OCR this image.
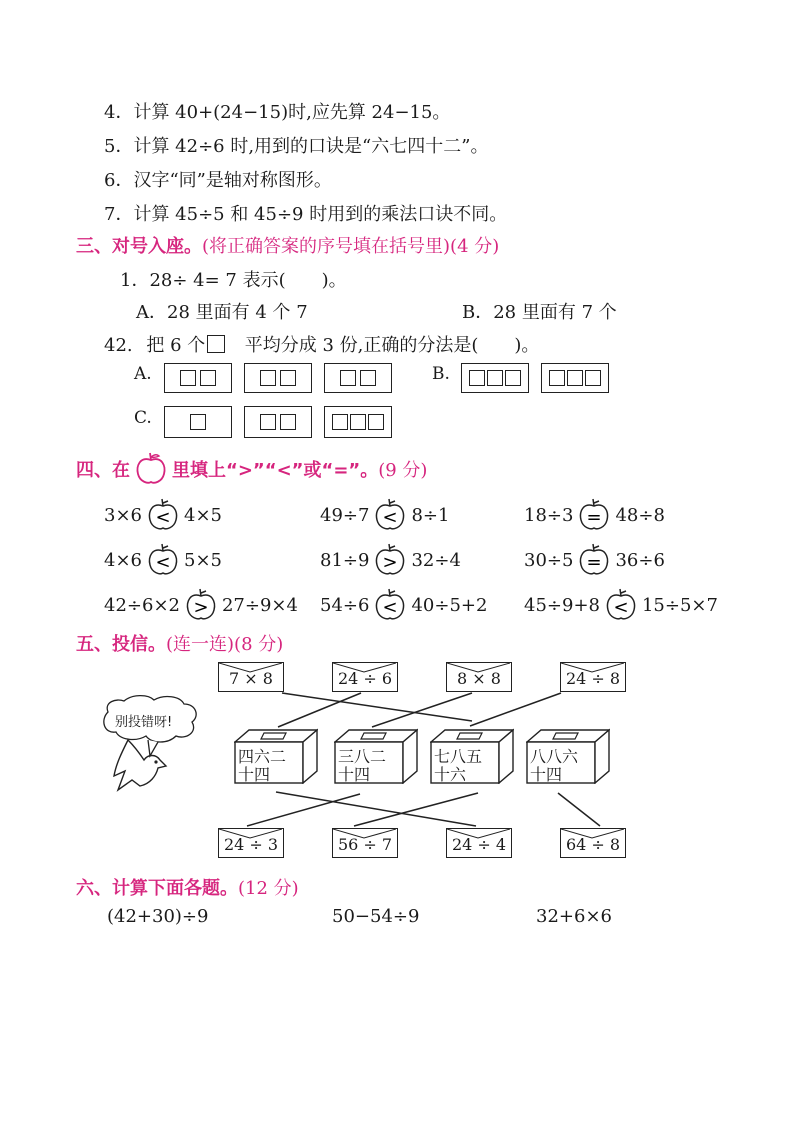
4．计算 40+(24−15)时,应先算 24−15。
5．计算 42÷6 时,用到的口诀是“六七四十二”。
6．汉字“同”是轴对称图形。
7．计算 45÷5 和 45÷9 时用到的乘法口诀不同。
三、对号入座。(将正确答案的序号填在括号里)(4 分)
1．28÷ 4= 7 表示(　　)。
A．28 里面有 4 个 7	B．28 里面有 7 个
42. 把 6 个 平均分成 3 份,正确的分法是(　　)。
A.	B.
C.
四、在 里填上“>”“<”或“=”。 (9 分)
3×6 < 4×5	49÷7 < 8÷1	18÷3 = 48÷8
4×6 < 5×5	81÷9 > 32÷4	30÷5 = 36÷6
42÷6×2 > 27÷9×4 54÷6 < 40÷5+2 45÷9+8 < 15÷5×7
五、投信。(连一连)(8 分)
别投错呀!
7 × 8	24 ÷ 6	8 × 8	24 ÷ 8
四六二
十四
三八二
十四
七八五
十六
八八六
十四
24 ÷ 3	56 ÷ 7	24 ÷ 4	64 ÷ 8
六、计算下面各题。(12 分)
(42+30)÷9	50−54÷9	32+6×6
